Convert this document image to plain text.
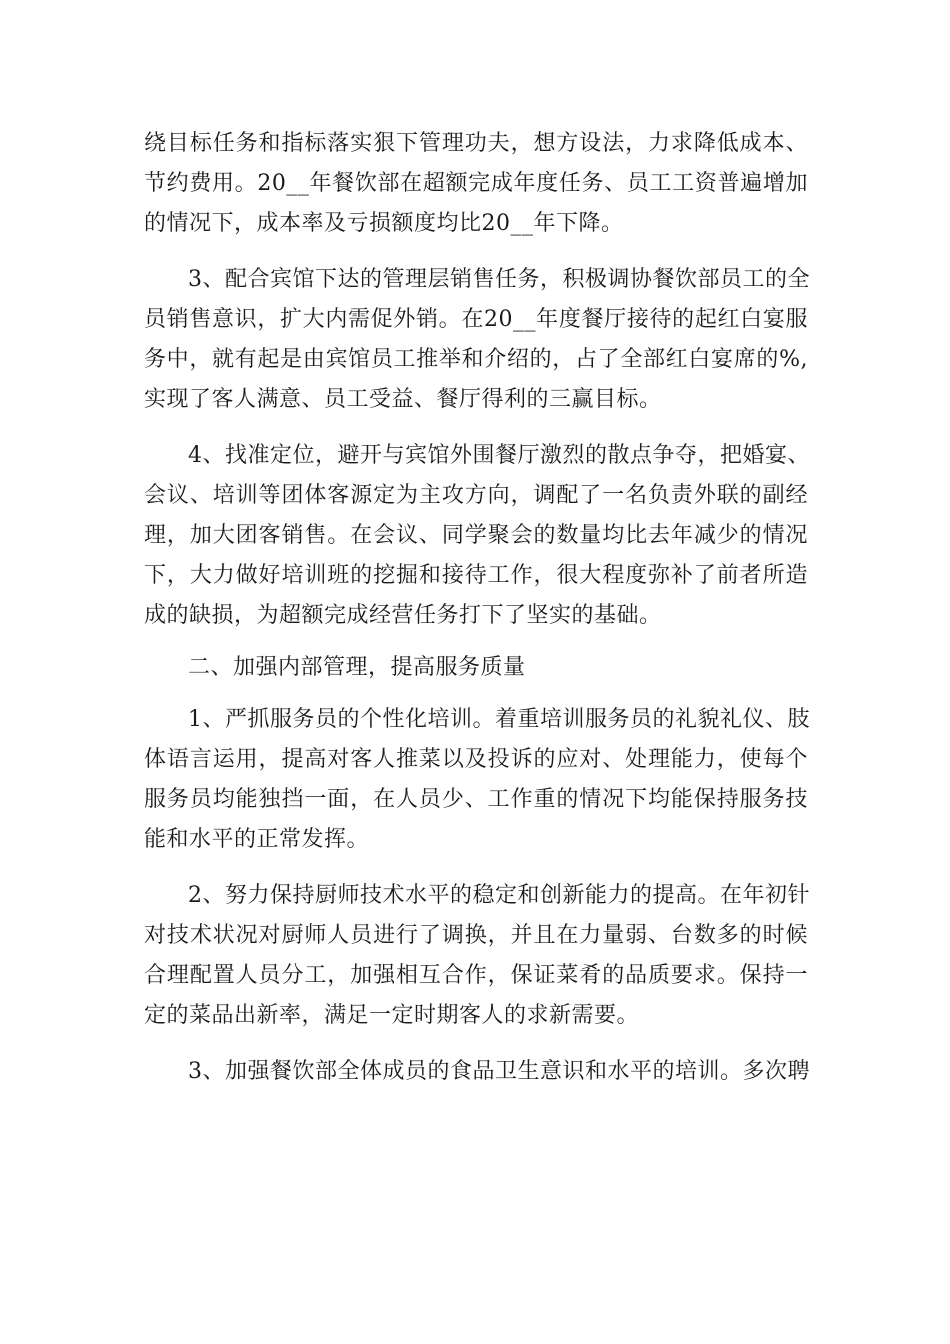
绕目标任务和指标落实狠下管理功夫，想方设法，力求降低成本、
节约费用。20__年餐饮部在超额完成年度任务、员工工资普遍增加
的情况下，成本率及亏损额度均比20__年下降。
3、配合宾馆下达的管理层销售任务，积极调协餐饮部员工的全
员销售意识，扩大内需促外销。在20__年度餐厅接待的起红白宴服
务中，就有起是由宾馆员工推举和介绍的，占了全部红白宴席的%,
实现了客人满意、员工受益、餐厅得利的三赢目标。
4、找准定位，避开与宾馆外围餐厅激烈的散点争夺，把婚宴、
会议、培训等团体客源定为主攻方向，调配了一名负责外联的副经
理，加大团客销售。在会议、同学聚会的数量均比去年减少的情况
下，大力做好培训班的挖掘和接待工作，很大程度弥补了前者所造
成的缺损，为超额完成经营任务打下了坚实的基础。
二、加强内部管理，提高服务质量
1、严抓服务员的个性化培训。着重培训服务员的礼貌礼仪、肢
体语言运用，提高对客人推菜以及投诉的应对、处理能力，使每个
服务员均能独挡一面，在人员少、工作重的情况下均能保持服务技
能和水平的正常发挥。
2、努力保持厨师技术水平的稳定和创新能力的提高。在年初针
对技术状况对厨师人员进行了调换，并且在力量弱、台数多的时候
合理配置人员分工，加强相互合作，保证菜肴的品质要求。保持一
定的菜品出新率，满足一定时期客人的求新需要。
3、加强餐饮部全体成员的食品卫生意识和水平的培训。多次聘
